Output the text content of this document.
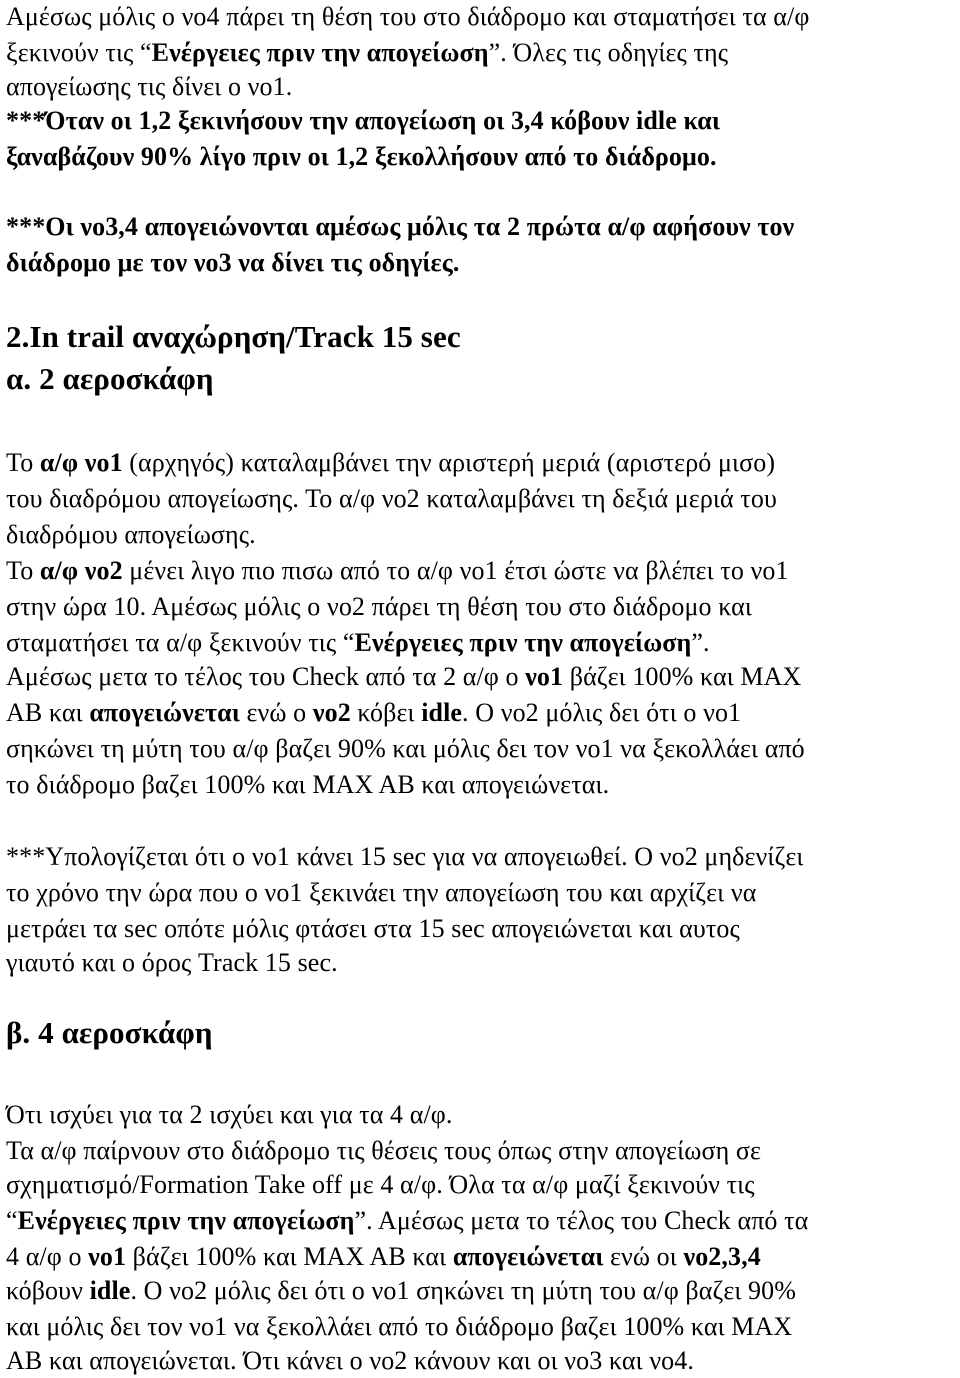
Αμέσως μόλις ο νο4 πάρει τη θέση του στο διάδρομο και σταματήσει τα α/φ
ξεκινούν τις “Ενέργειες πριν την απογείωση”. Όλες τις οδηγίες της
απογείωσης τις δίνει ο νο1.
***Όταν οι 1,2 ξεκινήσουν την απογείωση οι 3,4 κόβουν idle και
ξαναβάζουν 90% λίγο πριν οι 1,2 ξεκολλήσουν από το διάδρομο.
***Οι νο3,4 απογειώνονται αμέσως μόλις τα 2 πρώτα α/φ αφήσουν τον
διάδρομο με τον νο3 να δίνει τις οδηγίες.
2.In trail αναχώρηση/Track 15 sec
α. 2 αεροσκάφη
Το α/φ νο1 (αρχηγός) καταλαμβάνει την αριστερή μεριά (αριστερό μισο)
του διαδρόμου απογείωσης. Το α/φ νο2 καταλαμβάνει τη δεξιά μεριά του
διαδρόμου απογείωσης.
Το α/φ νο2 μένει λιγο πιο πισω από το α/φ νο1 έτσι ώστε να βλέπει το νο1
στην ώρα 10. Αμέσως μόλις ο νο2 πάρει τη θέση του στο διάδρομο και
σταματήσει τα α/φ ξεκινούν τις “Ενέργειες πριν την απογείωση”.
Αμέσως μετα το τέλος του Check από τα 2 α/φ ο νο1 βάζει 100% και MAX
AB και απογειώνεται ενώ ο νο2 κόβει idle. Ο νο2 μόλις δει ότι ο νο1
σηκώνει τη μύτη του α/φ βαζει 90% και μόλις δει τον νο1 να ξεκολλάει από
το διάδρομο βαζει 100% και MAX AB και απογειώνεται.
***Υπολογίζεται ότι ο νο1 κάνει 15 sec για να απογειωθεί. Ο νο2 μηδενίζει
το χρόνο την ώρα που ο νο1 ξεκινάει την απογείωση του και αρχίζει να
μετράει τα sec οπότε μόλις φτάσει στα 15 sec απογειώνεται και αυτος
γιαυτό και ο όρος Track 15 sec.
β. 4 αεροσκάφη
Ότι ισχύει για τα 2 ισχύει και για τα 4 α/φ.
Τα α/φ παίρνουν στο διάδρομο τις θέσεις τους όπως στην απογείωση σε
σχηματισμό/Formation Take off με 4 α/φ. Όλα τα α/φ μαζί ξεκινούν τις
“Ενέργειες πριν την απογείωση”. Αμέσως μετα το τέλος του Check από τα
4 α/φ ο νο1 βάζει 100% και MAX AB και απογειώνεται ενώ οι νο2,3,4
κόβουν idle. Ο νο2 μόλις δει ότι ο νο1 σηκώνει τη μύτη του α/φ βαζει 90%
και μόλις δει τον νο1 να ξεκολλάει από το διάδρομο βαζει 100% και MAX
AB και απογειώνεται. Ότι κάνει ο νο2 κάνουν και οι νο3 και νο4.
